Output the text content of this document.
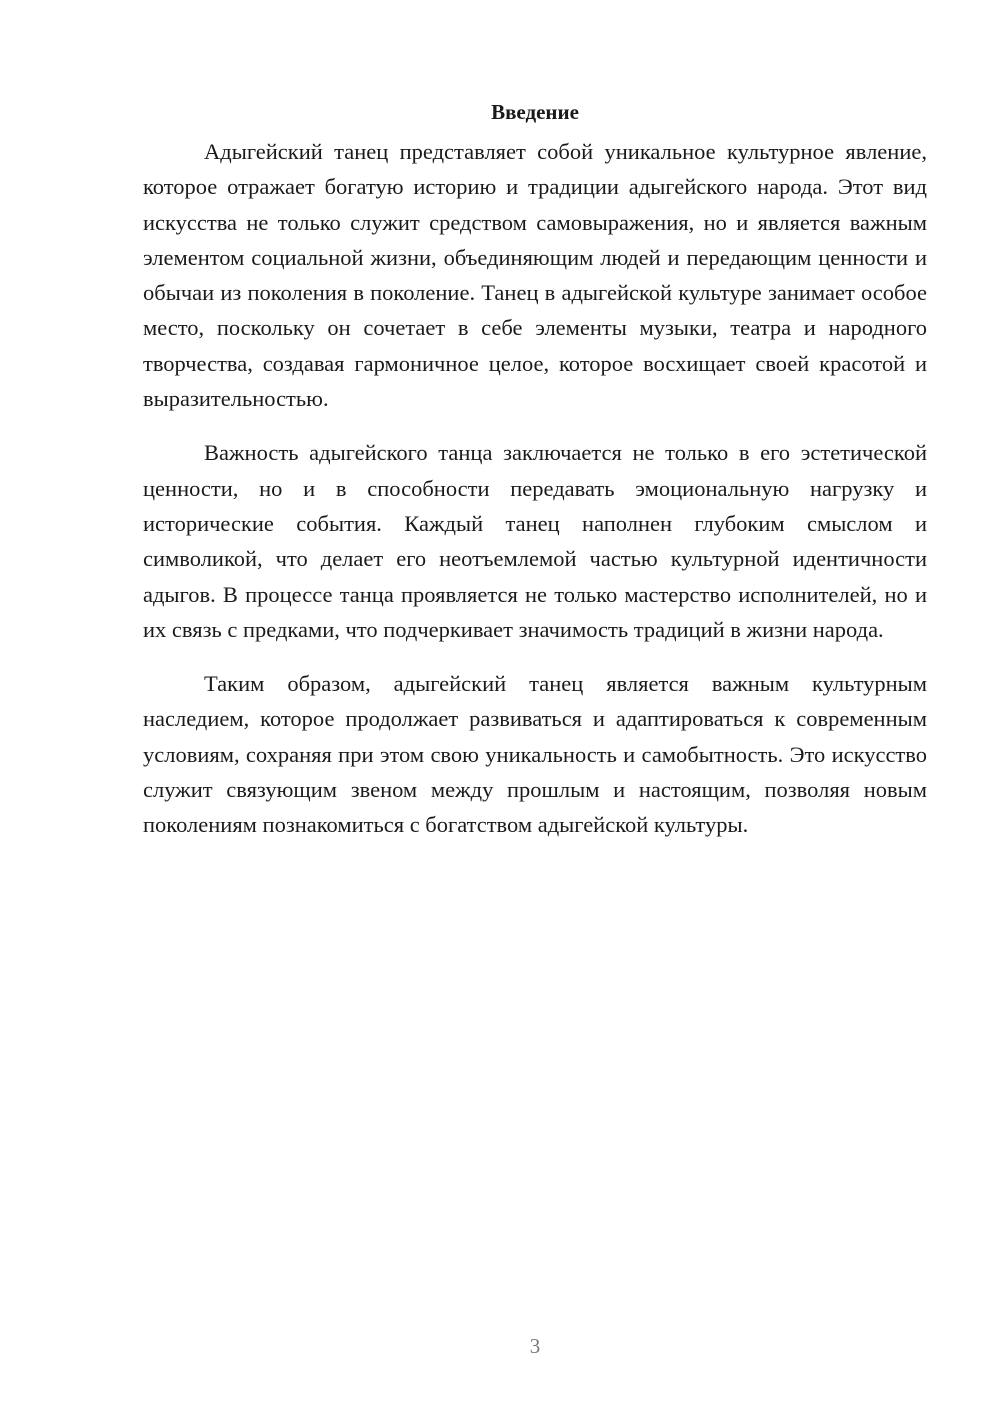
Введение

Адыгейский танец представляет собой уникальное культурное явление, которое отражает богатую историю и традиции адыгейского народа. Этот вид искусства не только служит средством самовыражения, но и является важным элементом социальной жизни, объединяющим людей и передающим ценности и обычаи из поколения в поколение. Танец в адыгейской культуре занимает особое место, поскольку он сочетает в себе элементы музыки, театра и народного творчества, создавая гармоничное целое, которое восхищает своей красотой и выразительностью.

Важность адыгейского танца заключается не только в его эстетической ценности, но и в способности передавать эмоциональную нагрузку и исторические события. Каждый танец наполнен глубоким смыслом и символикой, что делает его неотъемлемой частью культурной идентичности адыгов. В процессе танца проявляется не только мастерство исполнителей, но и их связь с предками, что подчеркивает значимость традиций в жизни народа.

Таким образом, адыгейский танец является важным культурным наследием, которое продолжает развиваться и адаптироваться к современным условиям, сохраняя при этом свою уникальность и самобытность. Это искусство служит связующим звеном между прошлым и настоящим, позволяя новым поколениям познакомиться с богатством адыгейской культуры.

3
